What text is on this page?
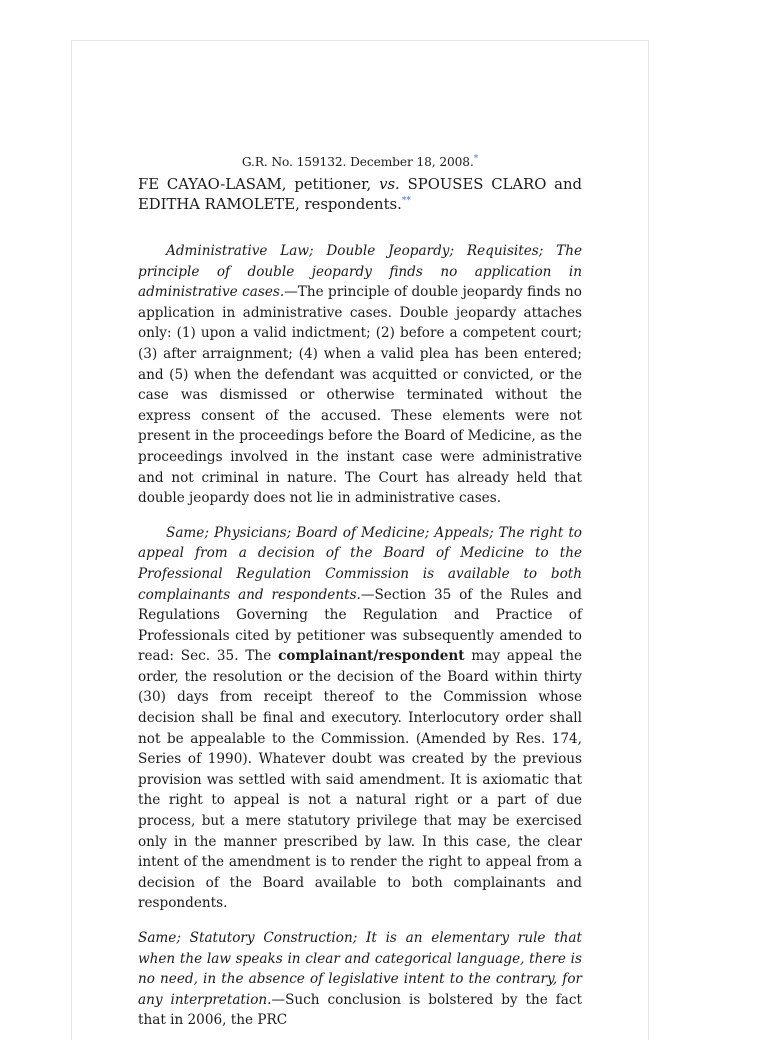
G.R. No. 159132. December 18, 2008.*
FE CAYAO-LASAM, petitioner, vs. SPOUSES CLARO and EDITHA RAMOLETE, respondents.**
Administrative Law; Double Jeopardy; Requisites; The principle of double jeopardy finds no application in administrative cases.—The principle of double jeopardy finds no application in administrative cases. Double jeopardy attaches only: (1) upon a valid indictment; (2) before a competent court; (3) after arraignment; (4) when a valid plea has been entered; and (5) when the defendant was acquitted or convicted, or the case was dismissed or otherwise terminated without the express consent of the accused. These elements were not present in the proceedings before the Board of Medicine, as the proceedings involved in the instant case were administrative and not criminal in nature. The Court has already held that double jeopardy does not lie in administrative cases.
Same; Physicians; Board of Medicine; Appeals; The right to appeal from a decision of the Board of Medicine to the Professional Regulation Commission is available to both complainants and respondents.—Section 35 of the Rules and Regulations Governing the Regulation and Practice of Professionals cited by petitioner was subsequently amended to read: Sec. 35. The complainant/respondent may appeal the order, the resolution or the decision of the Board within thirty (30) days from receipt thereof to the Commission whose decision shall be final and executory. Interlocutory order shall not be appealable to the Commission. (Amended by Res. 174, Series of 1990). Whatever doubt was created by the previous provision was settled with said amendment. It is axiomatic that the right to appeal is not a natural right or a part of due process, but a mere statutory privilege that may be exercised only in the manner prescribed by law. In this case, the clear intent of the amendment is to render the right to appeal from a decision of the Board available to both complainants and respondents.
Same; Statutory Construction; It is an elementary rule that when the law speaks in clear and categorical language, there is no need, in the absence of legislative intent to the contrary, for any interpretation.—Such conclusion is bolstered by the fact that in 2006, the PRC
